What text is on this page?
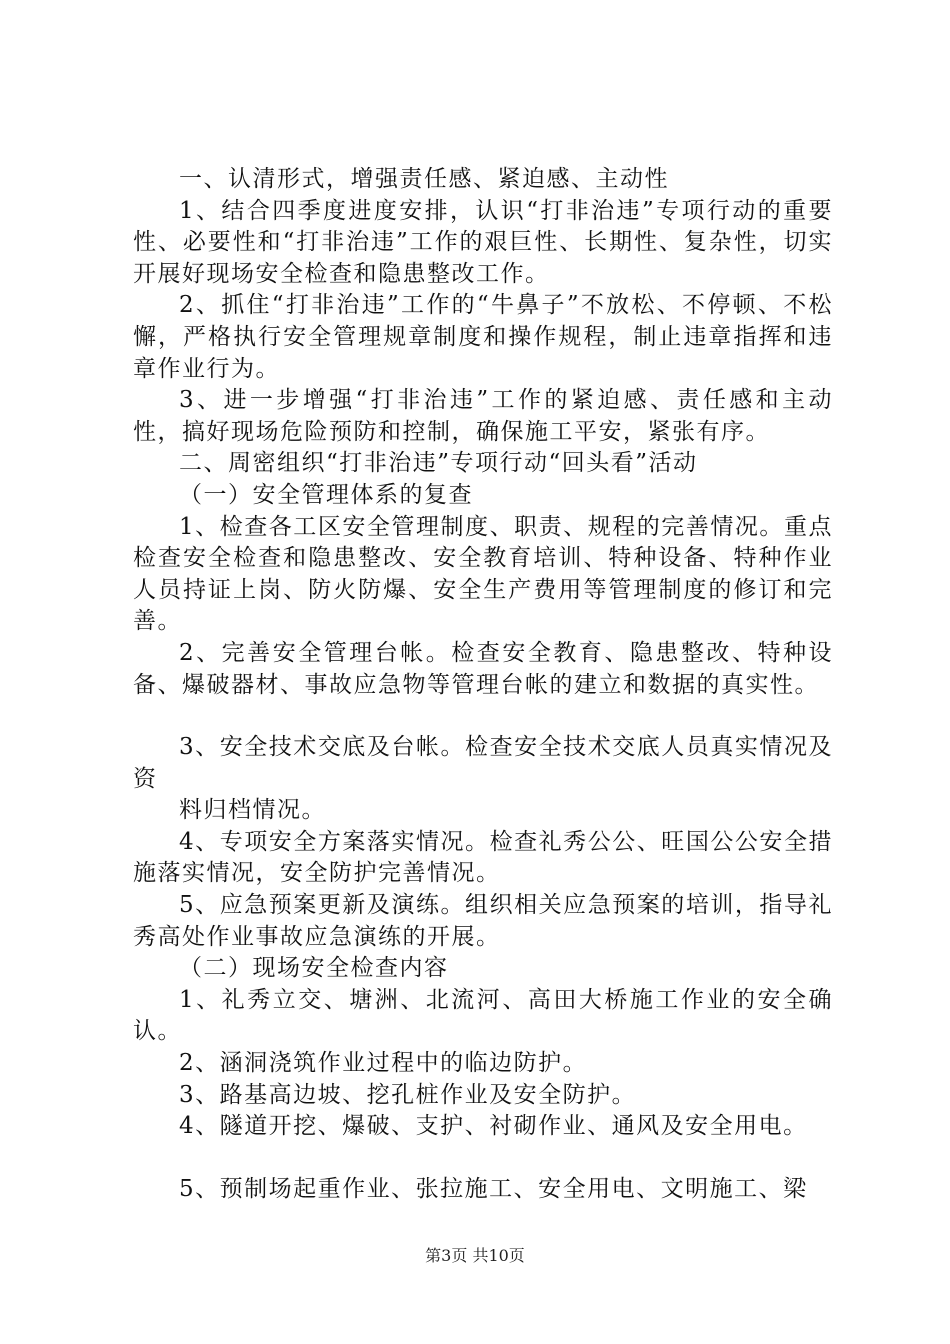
一、认清形式，增强责任感、紧迫感、主动性

1、结合四季度进度安排，认识“打非治违”专项行动的重要性、必要性和“打非治违”工作的艰巨性、长期性、复杂性，切实开展好现场安全检查和隐患整改工作。

2、抓住“打非治违”工作的“牛鼻子”不放松、不停顿、不松懈，严格执行安全管理规章制度和操作规程，制止违章指挥和违章作业行为。

3、进一步增强“打非治违”工作的紧迫感、责任感和主动性，搞好现场危险预防和控制，确保施工平安，紧张有序。

二、周密组织“打非治违”专项行动“回头看”活动

（一）安全管理体系的复查

1、检查各工区安全管理制度、职责、规程的完善情况。重点检查安全检查和隐患整改、安全教育培训、特种设备、特种作业人员持证上岗、防火防爆、安全生产费用等管理制度的修订和完善。

2、完善安全管理台帐。检查安全教育、隐患整改、特种设备、爆破器材、事故应急物等管理台帐的建立和数据的真实性。

3、安全技术交底及台帐。检查安全技术交底人员真实情况及资

料归档情况。

4、专项安全方案落实情况。检查礼秀公公、旺国公公安全措施落实情况，安全防护完善情况。

5、应急预案更新及演练。组织相关应急预案的培训，指导礼秀高处作业事故应急演练的开展。

（二）现场安全检查内容

1、礼秀立交、塘洲、北流河、高田大桥施工作业的安全确认。

2、涵洞浇筑作业过程中的临边防护。

3、路基高边坡、挖孔桩作业及安全防护。

4、隧道开挖、爆破、支护、衬砌作业、通风及安全用电。

5、预制场起重作业、张拉施工、安全用电、文明施工、梁

第3页 共10页
